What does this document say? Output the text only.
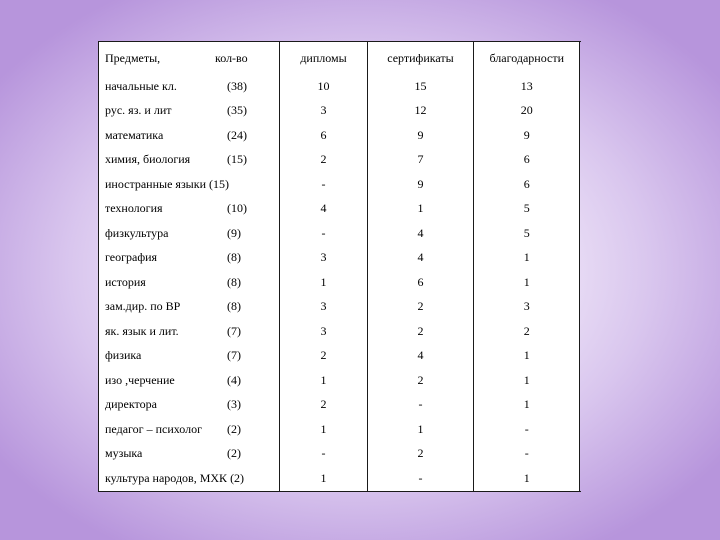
Предметы, кол-во	дипломы	сертификаты	благодарности
начальные кл. (38)	10	15	13
рус. яз. и лит (35)	3	12	20
математика (24)	6	9	9
химия, биология (15)	2	7	6
иностранные языки (15)	-	9	6
технология (10)	4	1	5
физкультура (9)	-	4	5
география (8)	3	4	1
история (8)	1	6	1
зам.дир. по ВР (8)	3	2	3
як. язык и лит. (7)	3	2	2
физика (7)	2	4	1
изо ,черчение (4)	1	2	1
директора (3)	2	-	1
педагог – психолог (2)	1	1	-
музыка (2)	-	2	-
культура народов, МХК (2)	1	-	1
